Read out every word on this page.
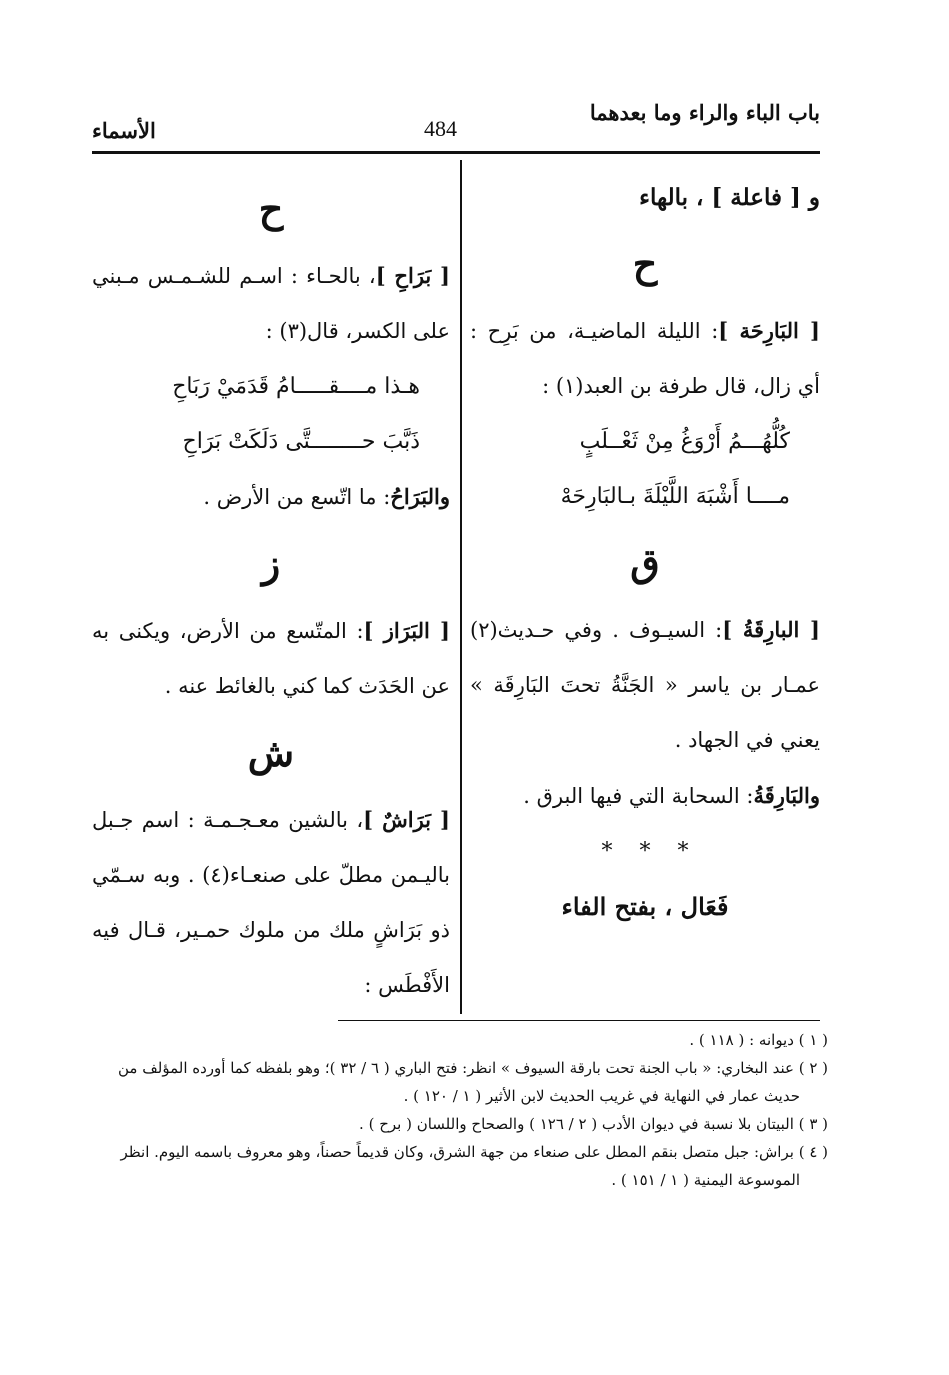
باب الباء والراء وما بعدهما
484
الأسماء

و [ فاعلة ] ، بالهاء

ح

[ البَارِحَة ]: الليلة الماضيـة، من بَرِح : أي زال، قال طرفة بن العبد(١) :

كُلُّهُـــمُ أَرْوَغُ مِنْ ثَعْــلَبٍ

مــــا أَشْبَهَ اللَّيْلَةَ بـالبَارِحَهْ

ق

[ البارِقَةُ ]: السيـوف . وفي حـديث(٢) عمـار بن ياسر « الجَنَّةُ تحتَ البَارِقَة » يعني في الجهاد .

والبَارِقَةُ: السحابة التي فيها البرق .

* * *

فَعَال ، بفتح الفاء

ح

[ بَرَاحِ ]، بالحـاء : اسـم للشـمـس مـبني على الكسر، قال(٣) :

هـذا مــــقـــــامُ قَدَمَيْ رَبَاحِ

ذَبَّبَ حــــــــتَّى دَلَكَتْ بَرَاحِ

والبَرَاحُ: ما اتّسع من الأرض .

ز

[ البَرَاز ]: المتّسع من الأرض، ويكنى به عن الحَدَث كما كني بالغائط عنه .

ش

[ بَرَاشٌ ]، بالشين معـجـمـة : اسم جـبل باليـمن مطلّ على صنعـاء(٤) . وبه سـمّي ذو بَرَاشٍ ملك من ملوك حمـير، قـال فيه الأَفْطَس :

( ١ ) ديوانه : ( ١١٨ ) .

( ٢ ) عند البخاري: « باب الجنة تحت بارقة السيوف » انظر: فتح الباري ( ٦ / ٣٢ )؛ وهو بلفظه كما أورده المؤلف من

حديث عمار في النهاية في غريب الحديث لابن الأثير ( ١ / ١٢٠ ) .

( ٣ ) البيتان بلا نسبة في ديوان الأدب ( ٢ / ١٢٦ ) والصحاح واللسان ( برح ) .

( ٤ ) براش: جبل متصل بنقم المطل على صنعاء من جهة الشرق، وكان قديماً حصناً، وهو معروف باسمه اليوم. انظر

الموسوعة اليمنية ( ١ / ١٥١ ) .
